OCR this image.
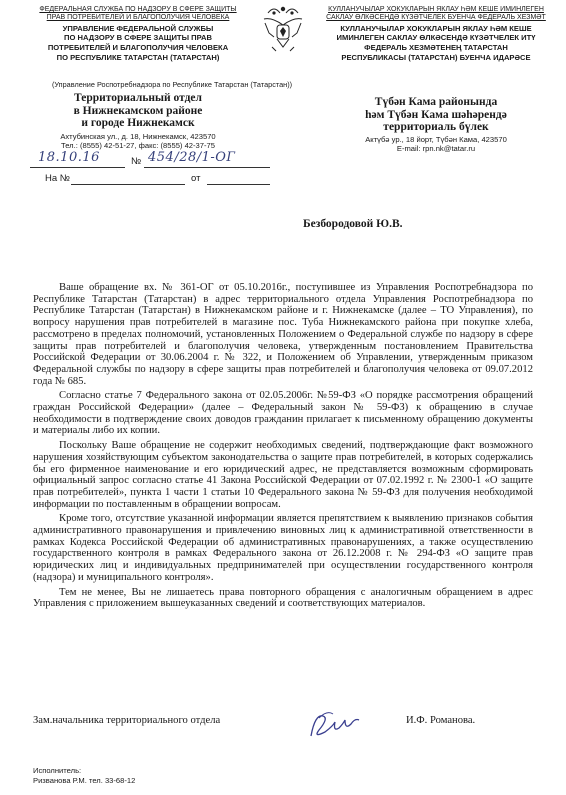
ФЕДЕРАЛЬНАЯ СЛУЖБА ПО НАДЗОРУ В СФЕРЕ ЗАЩИТЫ
ПРАВ ПОТРЕБИТЕЛЕЙ И БЛАГОПОЛУЧИЯ ЧЕЛОВЕКА
УПРАВЛЕНИЕ ФЕДЕРАЛЬНОЙ СЛУЖБЫ
ПО НАДЗОРУ В СФЕРЕ ЗАЩИТЫ ПРАВ
ПОТРЕБИТЕЛЕЙ И БЛАГОПОЛУЧИЯ ЧЕЛОВЕКА
ПО РЕСПУБЛИКЕ ТАТАРСТАН (ТАТАРСТАН)
(Управление Роспотребнадзора по Республике Татарстан (Татарстан))
Территориальный отдел
в Нижнекамском районе
и городе Нижнекамск
Ахтубинская ул., д. 18, Нижнекамск, 423570
Тел.: (8555) 42-51-27, факс: (8555) 42-37-75
КУЛЛАНУЧЫЛАР ХОКУКЛАРЫН ЯКЛАУ ҺӘМ КЕШЕ ИМИНЛЕГЕН
САКЛАУ ӨЛКӘСЕНДӘ КҮЗӘТЧЕЛЕК БУЕНЧА ФЕДЕРАЛЬ ХЕЗМӘТ
КУЛЛАНУЧЫЛАР ХОКУКЛАРЫН ЯКЛАУ ҺӘМ КЕШЕ
ИМИНЛЕГЕН САКЛАУ ӨЛКӘСЕНДӘ КҮЗӘТЧЕЛЕК ИТҮ
ФЕДЕРАЛЬ ХЕЗМӘТЕНЕҢ ТАТАРСТАН
РЕСПУБЛИКАСЫ (ТАТАРСТАН) БУЕНЧА ИДАРӘСЕ
Түбән Кама районында
һәм Түбән Кама шәһәрендә
территориаль бүлек
Актүбә ур., 18 йорт, Түбән Кама, 423570
E-mail: rpn.nk@tatar.ru
18.10.16	№ 454/28/1-ОГ
На №	от
Безбородовой Ю.В.

Ваше обращение вх. № 361-ОГ от 05.10.2016г., поступившее из Управления Роспотребнадзора по Республике Татарстан (Татарстан) в адрес территориального отдела Управления Роспотребнадзора по Республике Татарстан (Татарстан) в Нижнекамском районе и г. Нижнекамске (далее – ТО Управления), по вопросу нарушения прав потребителей в магазине пос. Туба Нижнекамского района при покупке хлеба, рассмотрено в пределах полномочий, установленных Положением о Федеральной службе по надзору в сфере защиты прав потребителей и благополучия человека, утвержденным постановлением Правительства Российской Федерации от 30.06.2004 г. № 322, и Положением об Управлении, утвержденным приказом Федеральной службы по надзору в сфере защиты прав потребителей и благополучия человека от 09.07.2012 года № 685.

Согласно статье 7 Федерального закона от 02.05.2006г. №59-ФЗ «О порядке рассмотрения обращений граждан Российской Федерации» (далее – Федеральный закон № 59-ФЗ) к обращению в случае необходимости в подтверждение своих доводов гражданин прилагает к письменному обращению документы и материалы либо их копии.

Поскольку Ваше обращение не содержит необходимых сведений, подтверждающие факт возможного нарушения хозяйствующим субъектом законодательства о защите прав потребителей, в которых содержались бы его фирменное наименование и его юридический адрес, не представляется возможным сформировать официальный запрос согласно статье 41 Закона Российской Федерации от 07.02.1992 г. № 2300-1 «О защите прав потребителей», пункта 1 части 1 статьи 10 Федерального закона № 59-ФЗ для получения необходимой информации по поставленным в обращении вопросам.

Кроме того, отсутствие указанной информации является препятствием к выявлению признаков события административного правонарушения и привлечению виновных лиц к административной ответственности в рамках Кодекса Российской Федерации об административных правонарушениях, а также осуществлению государственного контроля в рамках Федерального закона от 26.12.2008 г. № 294-ФЗ «О защите прав юридических лиц и индивидуальных предпринимателей при осуществлении государственного контроля (надзора) и муниципального контроля».

Тем не менее, Вы не лишаетесь права повторного обращения с аналогичным обращением в адрес Управления с приложением вышеуказанных сведений и соответствующих материалов.

Зам.начальника территориального отдела	И.Ф. Романова.
Исполнитель:
Ризванова Р.М. тел. 33-68-12
